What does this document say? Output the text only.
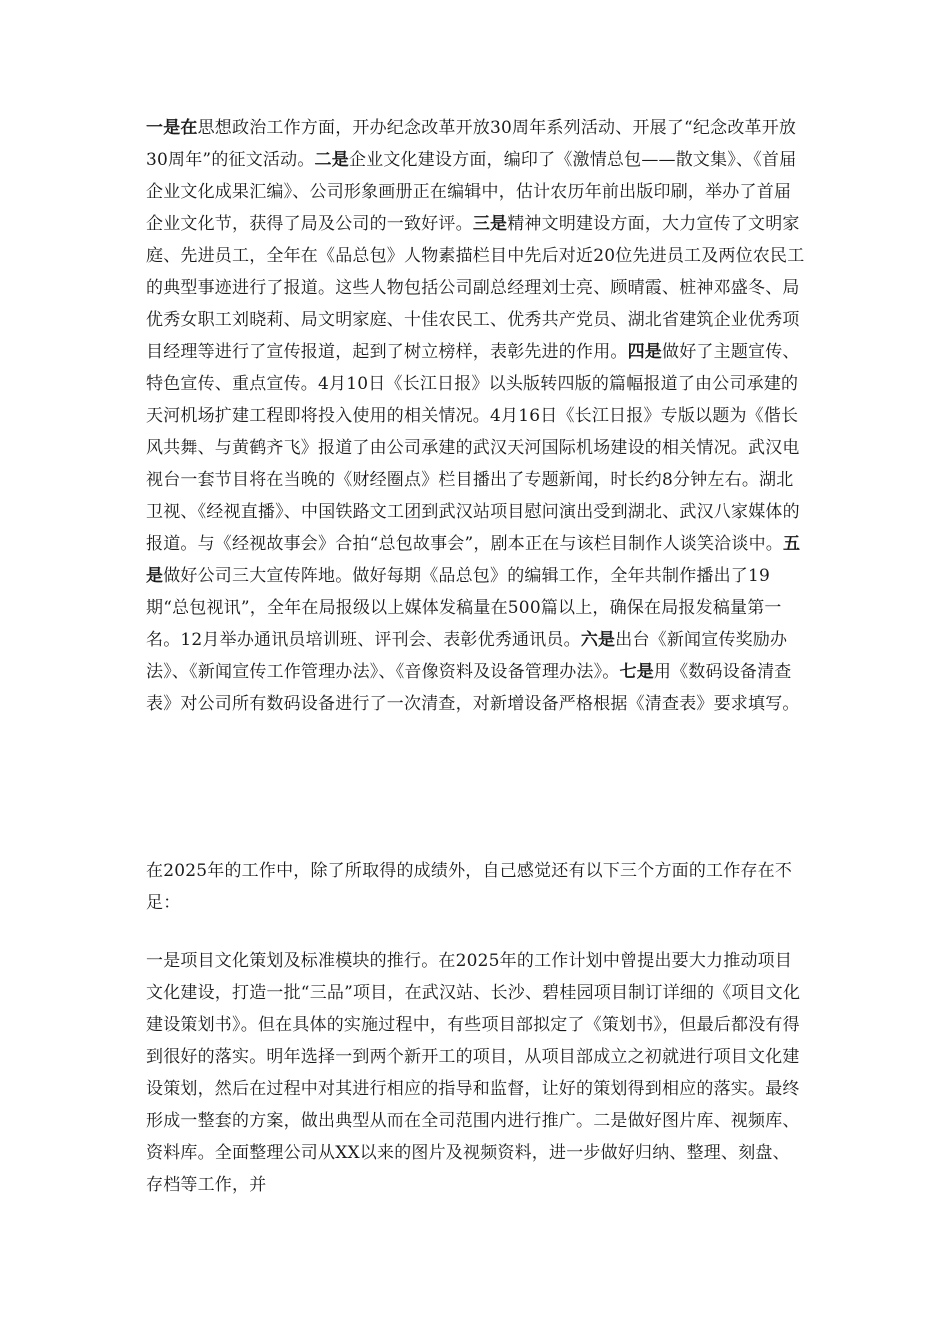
一是在思想政治工作方面，开办纪念改革开放30周年系列活动、开展了“纪念改革开放30周年”的征文活动。二是企业文化建设方面，编印了《激情总包——散文集》、《首届企业文化成果汇编》、公司形象画册正在编辑中，估计农历年前出版印刷，举办了首届企业文化节，获得了局及公司的一致好评。三是精神文明建设方面，大力宣传了文明家庭、先进员工，全年在《品总包》人物素描栏目中先后对近20位先进员工及两位农民工的典型事迹进行了报道。这些人物包括公司副总经理刘士亮、顾晴霞、桩神邓盛冬、局优秀女职工刘晓莉、局文明家庭、十佳农民工、优秀共产党员、湖北省建筑企业优秀项目经理等进行了宣传报道，起到了树立榜样，表彰先进的作用。四是做好了主题宣传、特色宣传、重点宣传。4月10日《长江日报》以头版转四版的篇幅报道了由公司承建的天河机场扩建工程即将投入使用的相关情况。4月16日《长江日报》专版以题为《偕长风共舞、与黄鹤齐飞》报道了由公司承建的武汉天河国际机场建设的相关情况。武汉电视台一套节目将在当晚的《财经圈点》栏目播出了专题新闻，时长约8分钟左右。湖北卫视、《经视直播》、中国铁路文工团到武汉站项目慰问演出受到湖北、武汉八家媒体的报道。与《经视故事会》合拍“总包故事会”，剧本正在与该栏目制作人谈笑洽谈中。五是做好公司三大宣传阵地。做好每期《品总包》的编辑工作，全年共制作播出了19期“总包视讯”，全年在局报级以上媒体发稿量在500篇以上，确保在局报发稿量第一名。12月举办通讯员培训班、评刊会、表彰优秀通讯员。六是出台《新闻宣传奖励办法》、《新闻宣传工作管理办法》、《音像资料及设备管理办法》。七是用《数码设备清查表》对公司所有数码设备进行了一次清查，对新增设备严格根据《清查表》要求填写。

在2025年的工作中，除了所取得的成绩外，自己感觉还有以下三个方面的工作存在不足：

一是项目文化策划及标准模块的推行。在2025年的工作计划中曾提出要大力推动项目文化建设，打造一批“三品”项目，在武汉站、长沙、碧桂园项目制订详细的《项目文化建设策划书》。但在具体的实施过程中，有些项目部拟定了《策划书》，但最后都没有得到很好的落实。明年选择一到两个新开工的项目，从项目部成立之初就进行项目文化建设策划，然后在过程中对其进行相应的指导和监督，让好的策划得到相应的落实。最终形成一整套的方案，做出典型从而在全司范围内进行推广。二是做好图片库、视频库、资料库。全面整理公司从XX以来的图片及视频资料，进一步做好归纳、整理、刻盘、存档等工作，并
